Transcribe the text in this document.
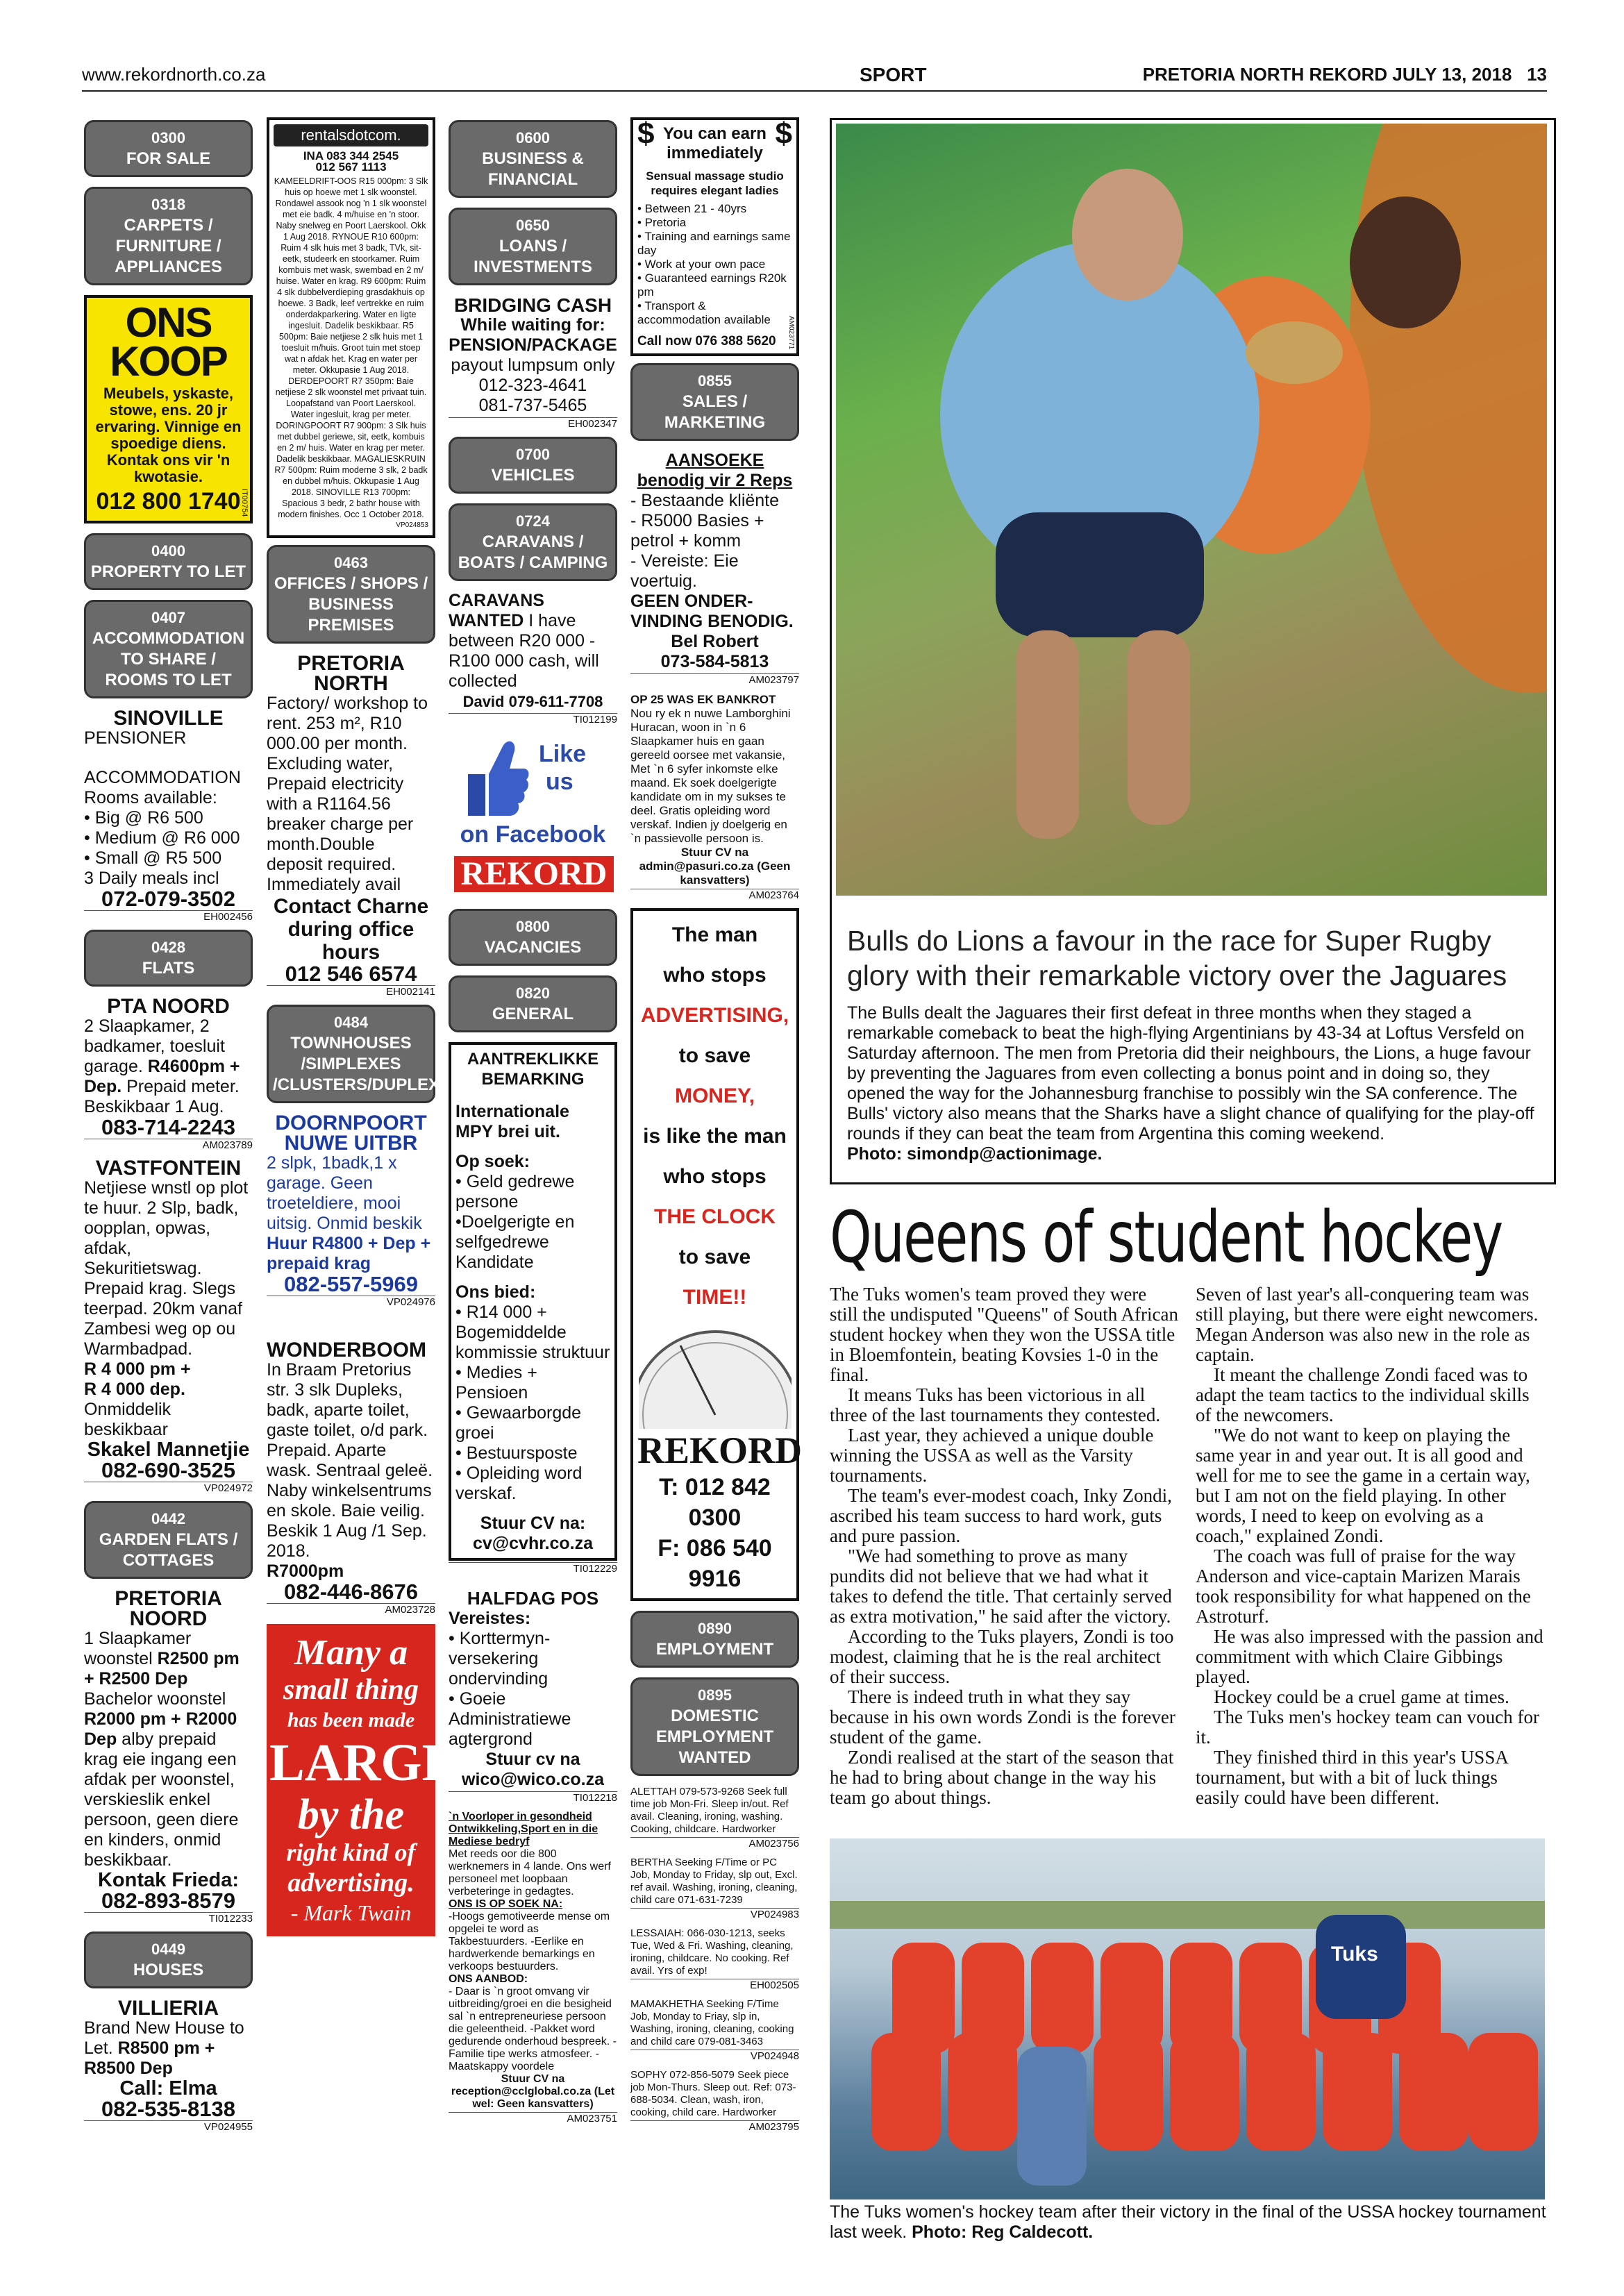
www.rekordnorth.co.za	SPORT	PRETORIA NORTH REKORD JULY 13, 2018 13
0300
FOR SALE
0318
CARPETS / FURNITURE / APPLIANCES
ONS KOOP
Meubels, yskaste, stowe, ens. 20 jr ervaring. Vinnige en spoedige diens. Kontak ons vir 'n kwotasie.
012 800 1740 IT00754
0400
PROPERTY TO LET
0407
ACCOMMODATION TO SHARE / ROOMS TO LET
SINOVILLE
PENSIONER
ACCOMMODATION Rooms available:
• Big @ R6 500
• Medium @ R6 000
• Small @ R5 500
3 Daily meals incl
072-079-3502
EH002456
0428
FLATS
PTA NOORD
2 Slaapkamer, 2 badkamer, toesluit garage. R4600pm + Dep. Prepaid meter. Beskikbaar 1 Aug.
083-714-2243
AM023789
VASTFONTEIN
Netjiese wnstl op plot te huur. 2 Slp, badk, oopplan, opwas, afdak, Sekuritietswag. Prepaid krag. Slegs teerpad. 20km vanaf Zambesi weg op ou Warmbadpad.
R 4 000 pm +
R 4 000 dep.
Onmiddelik beskikbaar
Skakel Mannetjie
082-690-3525
VP024972
0442
GARDEN FLATS / COTTAGES
PRETORIA NOORD
1 Slaapkamer woonstel R2500 pm + R2500 Dep Bachelor woonstel R2000 pm + R2000 Dep alby prepaid krag eie ingang een afdak per woonstel, verskieslik enkel persoon, geen diere en kinders, onmid beskikbaar.
Kontak Frieda:
082-893-8579
TI012233
0449
HOUSES
VILLIERIA
Brand New House to Let. R8500 pm + R8500 Dep
Call: Elma
082-535-8138
VP024955
rentalsdotcom.
INA 083 344 2545
012 567 1113
KAMEELDRIFT-OOS R15 000pm: 3 Slk huis op hoewe met 1 slk woonstel. Rondawel assook nog 'n 1 slk woonstel met eie badk. 4 m/huise en 'n stoor. Naby snelweg en Poort Laerskool. Okk 1 Aug 2018. RYNOUE R10 600pm: Ruim 4 slk huis met 3 badk, TVk, sit-eetk, studeerk en stoorkamer. Ruim kombuis met wask, swembad en 2 m/ huise. Water en krag. R9 600pm: Ruim 4 slk dubbelverdieping grasdakhuis op hoewe. 3 Badk, leef vertrekke en ruim onderdakparkering. Water en ligte ingesluit. Dadelik beskikbaar. R5 500pm: Baie netjiese 2 slk huis met 1 toesluit m/huis. Groot tuin met stoep wat n afdak het. Krag en water per meter. Okkupasie 1 Aug 2018. DERDEPOORT R7 350pm: Baie netjiese 2 slk woonstel met privaat tuin. Loopafstand van Poort Laerskool. Water ingesluit, krag per meter. DORINGPOORT R7 900pm: 3 Slk huis met dubbel geriewe, sit, eetk, kombuis en 2 m/ huis. Water en krag per meter. Dadelik beskikbaar. MAGALIESKRUIN R7 500pm: Ruim moderne 3 slk, 2 badk en dubbel m/huis. Okkupasie 1 Aug 2018. SINOVILLE R13 700pm: Spacious 3 bedr, 2 bathr house with modern finishes. Occ 1 October 2018.
VP024853
0463
OFFICES / SHOPS / BUSINESS PREMISES
PRETORIA NORTH
Factory/ workshop to rent. 253 m², R10 000.00 per month. Excluding water, Prepaid electricity with a R1164.56 breaker charge per month.Double deposit required. Immediately avail
Contact Charne during office hours
012 546 6574
EH002141
0484
TOWNHOUSES /SIMPLEXES /CLUSTERS/DUPLEXES
DOORNPOORT NUWE UITBR
2 slpk, 1badk,1 x garage. Geen troeteldiere, mooi uitsig. Onmid beskik
Huur R4800 + Dep + prepaid krag
082-557-5969
VP024976
WONDERBOOM
In Braam Pretorius str. 3 slk Dupleks, badk, aparte toilet, gaste toilet, o/d park. Prepaid. Aparte wask. Sentraal geleë. Naby winkelsentrums en skole. Baie veilig. Beskik 1 Aug /1 Sep. 2018.
R7000pm
082-446-8676
AM023728
Many a
small thing
has been made
LARGE
by the
right kind of
advertising.
- Mark Twain
0600
BUSINESS & FINANCIAL
0650
LOANS / INVESTMENTS
BRIDGING CASH
While waiting for: PENSION/PACKAGE
payout lumpsum only
012-323-4641
081-737-5465
EH002347
0700
VEHICLES
0724
CARAVANS / BOATS / CAMPING
CARAVANS WANTED I have between R20 000 - R100 000 cash, will collected
David 079-611-7708
TI012199
Like
us
on Facebook
REKORD
0800
VACANCIES
0820
GENERAL
AANTREKLIKKE BEMARKING
Internationale MPY brei uit.
Op soek:
• Geld gedrewe persone
•Doelgerigte en selfgedrewe Kandidate
Ons bied:
• R14 000 + Bogemiddelde kommissie struktuur
• Medies + Pensioen
• Gewaarborgde groei
• Bestuursposte
• Opleiding word verskaf.
Stuur CV na: cv@cvhr.co.za
TI012229
HALFDAG POS
Vereistes:
• Korttermyn-versekering ondervinding
• Goeie Administratiewe agtergrond
Stuur cv na wico@wico.co.za
TI012218
`n Voorloper in gesondheid Ontwikkeling,Sport en in die Mediese bedryf
Met reeds oor die 800 werknemers in 4 lande. Ons werf personeel met loopbaan verbeteringe in gedagtes.
ONS IS OP SOEK NA:
-Hoogs gemotiveerde mense om opgelei te word as Takbestuurders. -Eerlike en hardwerkende bemarkings en verkoops bestuurders.
ONS AANBOD:
- Daar is `n groot omvang vir uitbreiding/groei en die besigheid sal `n entrepreneuriese persoon die geleentheid. -Pakket word gedurende onderhoud bespreek. -Familie tipe werks atmosfeer. -Maatskappy voordele
Stuur CV na reception@cclglobal.co.za (Let wel: Geen kansvatters)
AM023751
$	$
You can earn immediately
Sensual massage studio requires elegant ladies
• Between 21 - 40yrs
• Pretoria
• Training and earnings same day
• Work at your own pace
• Guaranteed earnings R20k pm
• Transport & accommodation available
Call now 076 388 5620	AM023771
0855
SALES / MARKETING
AANSOEKE benodig vir 2 Reps
- Bestaande kliënte
- R5000 Basies + petrol + komm
- Vereiste: Eie voertuig.
GEEN ONDER-VINDING BENODIG.
Bel Robert
073-584-5813
AM023797
OP 25 WAS EK BANKROT
Nou ry ek n nuwe Lamborghini Huracan, woon in `n 6 Slaapkamer huis en gaan gereeld oorsee met vakansie, Met `n 6 syfer inkomste elke maand. Ek soek doelgerigte kandidate om in my sukses te deel. Gratis opleiding word verskaf. Indien jy doelgerig en `n passievolle persoon is.
Stuur CV na admin@pasuri.co.za (Geen kansvatters)
AM023764
The man
who stops
ADVERTISING,
to save MONEY,
is like the man
who stops
THE CLOCK
to save
TIME!!
REKORD
T: 012 842 0300
F: 086 540 9916
0890
EMPLOYMENT
0895
DOMESTIC EMPLOYMENT WANTED
ALETTAH 079-573-9268 Seek full time job Mon-Fri. Sleep in/out. Ref avail. Cleaning, ironing, washing. Cooking, childcare. Hardworker
AM023756
BERTHA Seeking F/Time or PC Job, Monday to Friday, slp out, Excl. ref avail. Washing, ironing, cleaning, child care 071-631-7239
VP024983
LESSAIAH: 066-030-1213, seeks Tue, Wed & Fri. Washing, cleaning, ironing, childcare. No cooking. Ref avail. Yrs of exp!
EH002505
MAMAKHETHA Seeking F/Time Job, Monday to Friay, slp in, Washing, ironing, cleaning, cooking and child care 079-081-3463
VP024948
SOPHY 072-856-5079 Seek piece job Mon-Thurs. Sleep out. Ref: 073-688-5034. Clean, wash, iron, cooking, child care. Hardworker
AM023795
Bulls do Lions a favour in the race for Super Rugby glory with their remarkable victory over the Jaguares
The Bulls dealt the Jaguares their first defeat in three months when they staged a remarkable comeback to beat the high-flying Argentinians by 43-34 at Loftus Versfeld on Saturday afternoon. The men from Pretoria did their neighbours, the Lions, a huge favour by preventing the Jaguares from even collecting a bonus point and in doing so, they opened the way for the Johannesburg franchise to possibly win the SA conference. The Bulls' victory also means that the Sharks have a slight chance of qualifying for the play-off rounds if they can beat the team from Argentina this coming weekend.
Photo: simondp@actionimage.
Queens of student hockey

The Tuks women's team proved they were still the undisputed "Queens" of South African student hockey when they won the USSA title in Bloemfontein, beating Kovsies 1-0 in the final.

It means Tuks has been victorious in all three of the last tournaments they contested.

Last year, they achieved a unique double winning the USSA as well as the Varsity tournaments.

The team's ever-modest coach, Inky Zondi, ascribed his team success to hard work, guts and pure passion.

"We had something to prove as many pundits did not believe that we had what it takes to defend the title. That certainly served as extra motivation," he said after the victory.

According to the Tuks players, Zondi is too modest, claiming that he is the real architect of their success.

There is indeed truth in what they say because in his own words Zondi is the forever student of the game.

Zondi realised at the start of the season that he had to bring about change in the way his team go about things.

Seven of last year's all-conquering team was still playing, but there were eight newcomers. Megan Anderson was also new in the role as captain.

It meant the challenge Zondi faced was to adapt the team tactics to the individual skills of the newcomers.

"We do not want to keep on playing the same year in and year out. It is all good and well for me to see the game in a certain way, but I am not on the field playing. In other words, I need to keep on evolving as a coach," explained Zondi.

The coach was full of praise for the way Anderson and vice-captain Marizen Marais took responsibility for what happened on the Astroturf.

He was also impressed with the passion and commitment with which Claire Gibbings played.

Hockey could be a cruel game at times.

The Tuks men's hockey team can vouch for it.

They finished third in this year's USSA tournament, but with a bit of luck things easily could have been different.

Tuks
The Tuks women's hockey team after their victory in the final of the USSA hockey tournament last week. Photo: Reg Caldecott.
